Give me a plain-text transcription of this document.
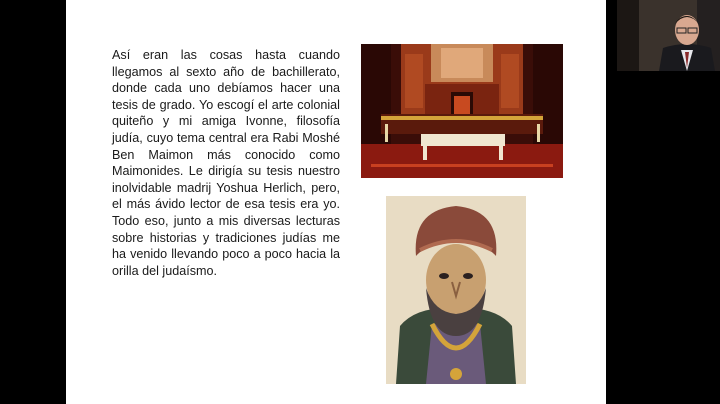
Así eran las cosas hasta cuando llegamos al sexto año de bachillerato, donde cada uno debíamos hacer una tesis de grado. Yo escogí el arte colonial quiteño y mi amiga Ivonne, filosofía judía, cuyo tema central era Rabi Moshé Ben Maimon más conocido como Maimonides. Le dirigía su tesis nuestro inolvidable madrij Yoshua Herlich, pero, el más ávido lector de esa tesis era yo. Todo eso, junto a mis diversas lecturas sobre historias y tradiciones judías me ha venido llevando poco a poco hacia la orilla del judaísmo.
